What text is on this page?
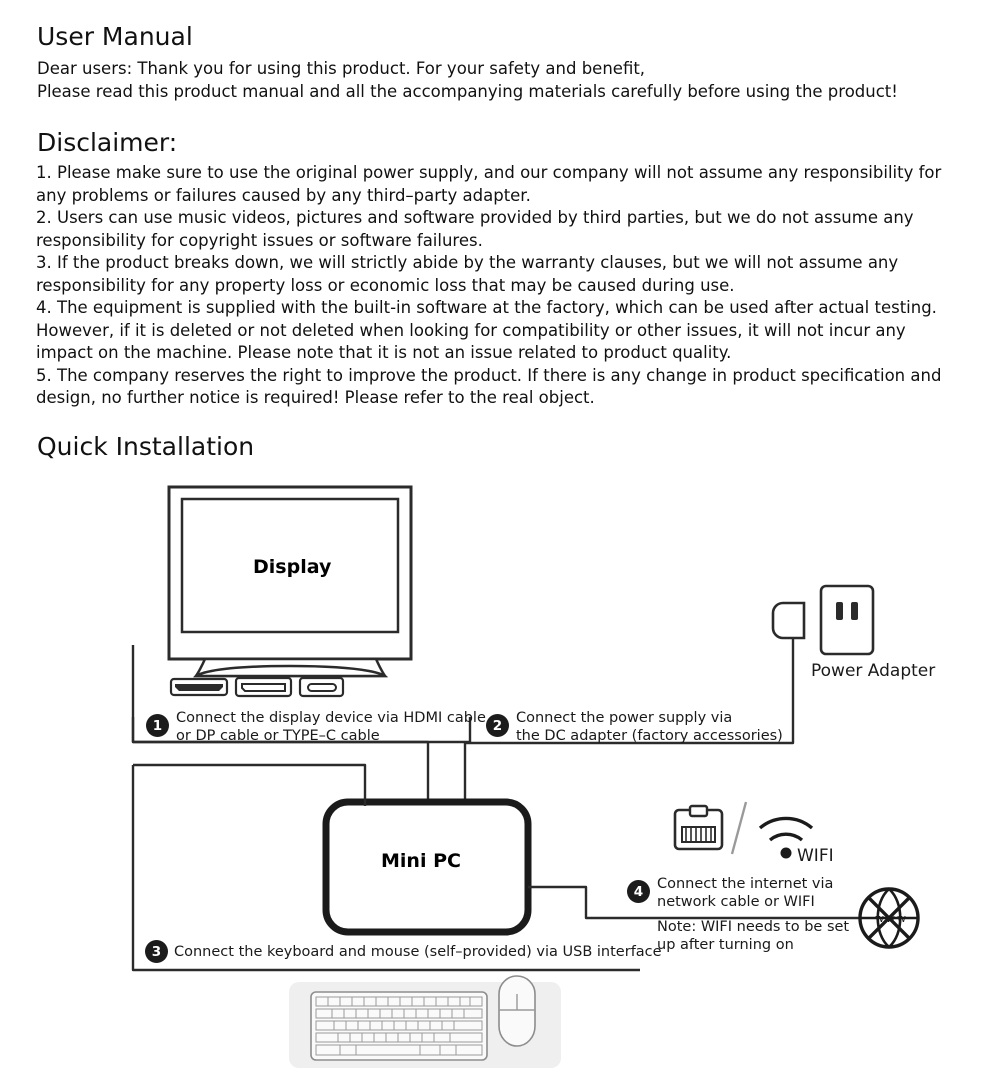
User Manual
Dear users: Thank you for using this product. For your safety and benefit,
Please read this product manual and all the accompanying materials carefully before using the product!
Disclaimer:
1. Please make sure to use the original power supply, and our company will not assume any responsibility for any problems or failures caused by any third–party adapter.
2. Users can use music videos, pictures and software provided by third parties, but we do not assume any responsibility for copyright issues or software failures.
3. If the product breaks down, we will strictly abide by the warranty clauses, but we will not assume any responsibility for any property loss or economic loss that may be caused during use.
4. The equipment is supplied with the built-in software at the factory, which can be used after actual testing. However, if it is deleted or not deleted when looking for compatibility or other issues, it will not incur any impact on the machine. Please note that it is not an issue related to product quality.
5. The company reserves the right to improve the product. If there is any change in product specification and design, no further notice is required! Please refer to the real object.
Quick Installation
Display
Mini PC
Power Adapter
WIFI
www
1 Connect the display device via HDMI cable
or DP cable or TYPE–C cable
2 Connect the power supply via
the DC adapter (factory accessories)
3 Connect the keyboard and mouse (self–provided) via USB interface
4 Connect the internet via
network cable or WIFI
Note: WIFI needs to be set
up after turning on
